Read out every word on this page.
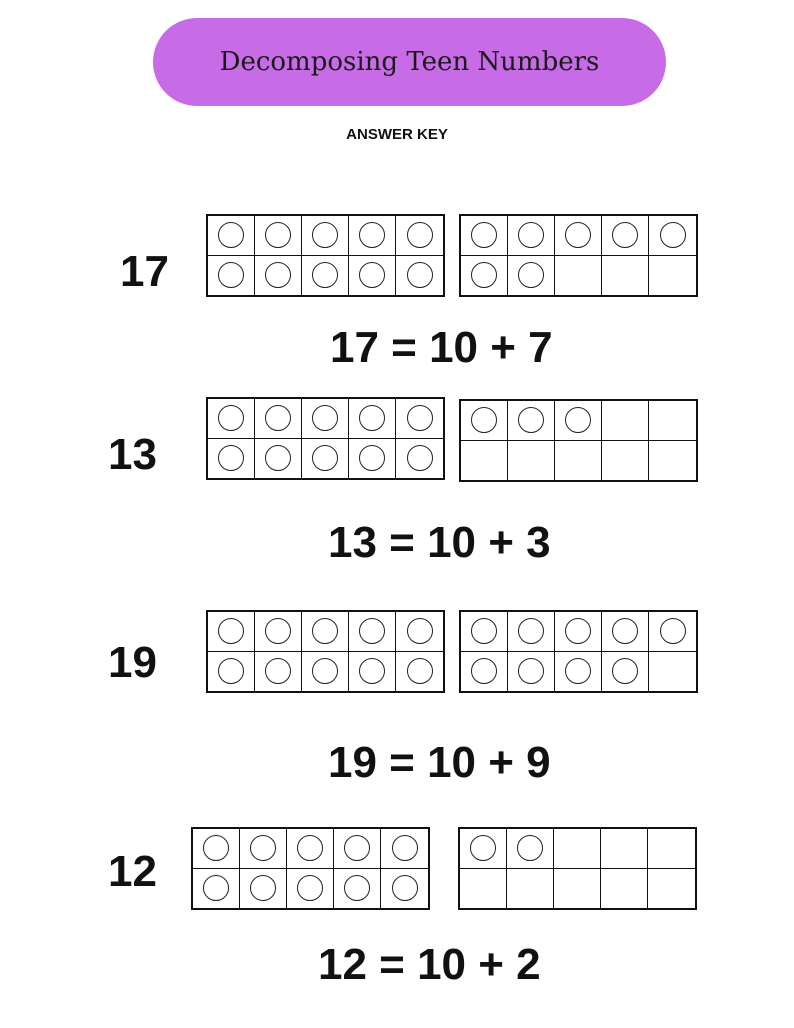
Decomposing Teen Numbers
ANSWER KEY
17
17 = 10 + 7
13
13 = 10 + 3
19
19 = 10 + 9
12
12 = 10 + 2
